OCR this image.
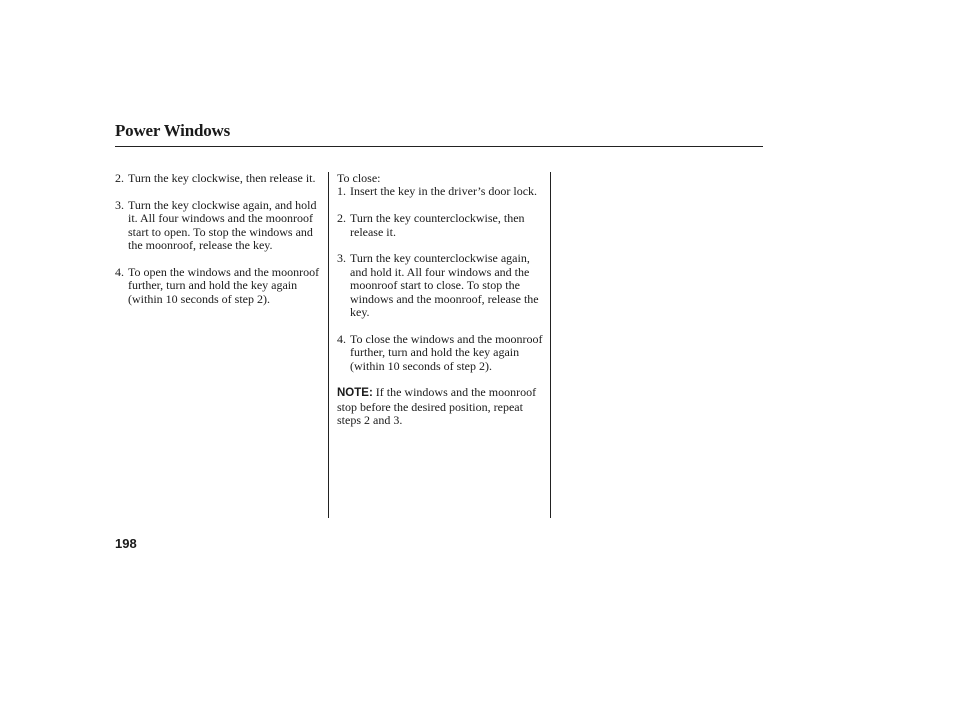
Power Windows
2. Turn the key clockwise, then release it.
3. Turn the key clockwise again, and hold it. All four windows and the moonroof start to open. To stop the windows and the moonroof, release the key.
4. To open the windows and the moonroof further, turn and hold the key again (within 10 seconds of step 2).
To close:
1. Insert the key in the driver’s door lock.
2. Turn the key counterclockwise, then release it.
3. Turn the key counterclockwise again, and hold it. All four windows and the moonroof start to close. To stop the windows and the moonroof, release the key.
4. To close the windows and the moonroof further, turn and hold the key again (within 10 seconds of step 2).
NOTE: If the windows and the moonroof stop before the desired position, repeat steps 2 and 3.
198
